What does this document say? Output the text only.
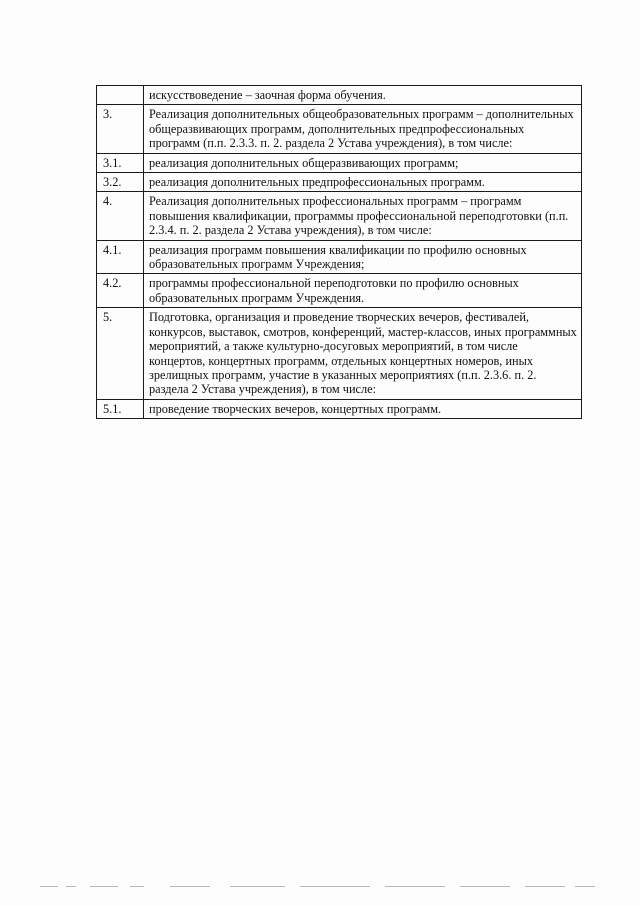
	искусствоведение – заочная форма обучения.
3.	Реализация дополнительных общеобразовательных программ – дополнительных общеразвивающих программ, дополнительных предпрофессиональных программ (п.п. 2.3.3. п. 2. раздела 2 Устава учреждения), в том числе:
3.1.	реализация дополнительных общеразвивающих программ;
3.2.	реализация дополнительных предпрофессиональных программ.
4.	Реализация дополнительных профессиональных программ – программ повышения квалификации, программы профессиональной переподготовки (п.п. 2.3.4. п. 2. раздела 2 Устава учреждения), в том числе:
4.1.	реализация программ повышения квалификации по профилю основных образовательных программ Учреждения;
4.2.	программы профессиональной переподготовки по профилю основных образовательных программ Учреждения.
5.	Подготовка, организация и проведение творческих вечеров, фестивалей, конкурсов, выставок, смотров, конференций, мастер-классов, иных программных мероприятий, а также культурно-досуговых мероприятий, в том числе концертов, концертных программ, отдельных концертных номеров, иных зрелищных программ, участие в указанных мероприятиях (п.п. 2.3.6. п. 2. раздела 2 Устава учреждения), в том числе:
5.1.	проведение творческих вечеров, концертных программ.
